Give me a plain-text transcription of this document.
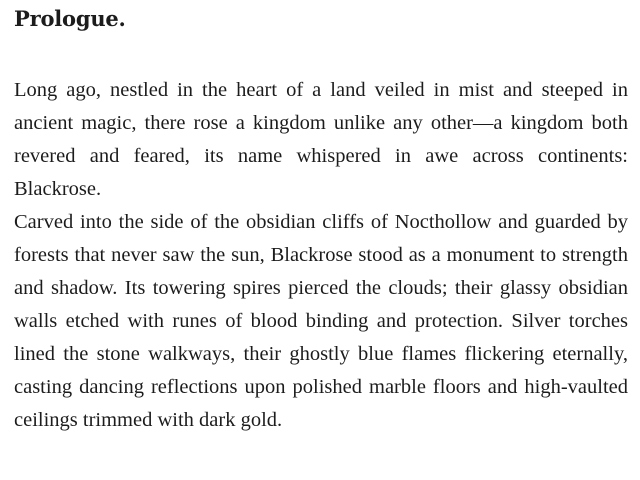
Prologue.

Long ago, nestled in the heart of a land veiled in mist and steeped in ancient magic, there rose a kingdom unlike any other—a kingdom both revered and feared, its name whispered in awe across continents: Blackrose.

Carved into the side of the obsidian cliffs of Nocthollow and guarded by forests that never saw the sun, Blackrose stood as a monument to strength and shadow. Its towering spires pierced the clouds; their glassy obsidian walls etched with runes of blood binding and protection. Silver torches lined the stone walkways, their ghostly blue flames flickering eternally, casting dancing reflections upon polished marble floors and high-vaulted ceilings trimmed with dark gold.
